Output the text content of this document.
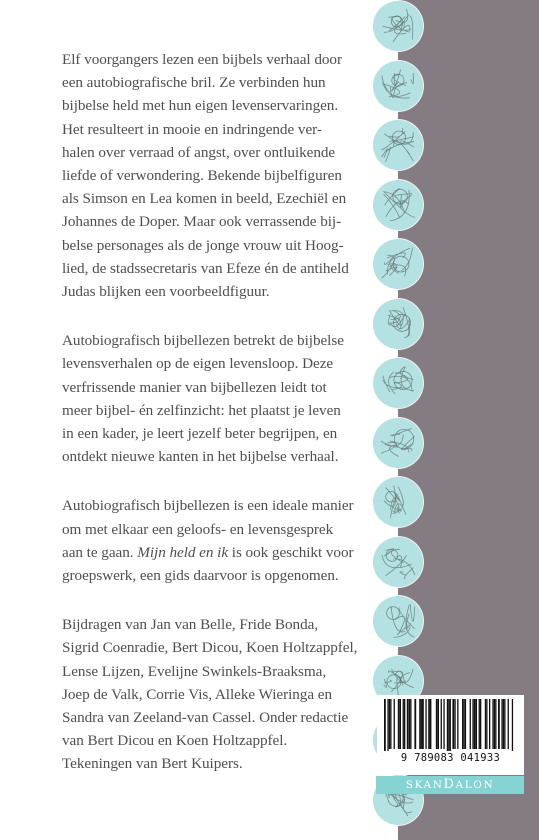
Elf voorgangers lezen een bijbels verhaal door

een autobiografische bril. Ze verbinden hun

bijbelse held met hun eigen levenservaringen.

Het resulteert in mooie en indringende ver-

halen over verraad of angst, over ontluikende

liefde of verwondering. Bekende bijbelfiguren

als Simson en Lea komen in beeld, Ezechiël en

Johannes de Doper. Maar ook verrassende bij-

belse personages als de jonge vrouw uit Hoog-

lied, de stadssecretaris van Efeze én de antiheld

Judas blijken een voorbeeldfiguur.

Autobiografisch bijbellezen betrekt de bijbelse

levensverhalen op de eigen levensloop. Deze

verfrissende manier van bijbellezen leidt tot

meer bijbel- én zelfinzicht: het plaatst je leven

in een kader, je leert jezelf beter begrijpen, en

ontdekt nieuwe kanten in het bijbelse verhaal.

Autobiografisch bijbellezen is een ideale manier

om met elkaar een geloofs- en levensgesprek

aan te gaan. Mijn held en ik is ook geschikt voor

groepswerk, een gids daarvoor is opgenomen.

Bijdragen van Jan van Belle, Fride Bonda,

Sigrid Coenradie, Bert Dicou, Koen Holtzappfel,

Lense Lijzen, Evelijne Swinkels-Braaksma,

Joep de Valk, Corrie Vis, Alleke Wieringa en

Sandra van Zeeland-van Cassel. Onder redactie

van Bert Dicou en Koen Holtzappfel.

Tekeningen van Bert Kuipers.	9 789083 041933
SKANDALON
